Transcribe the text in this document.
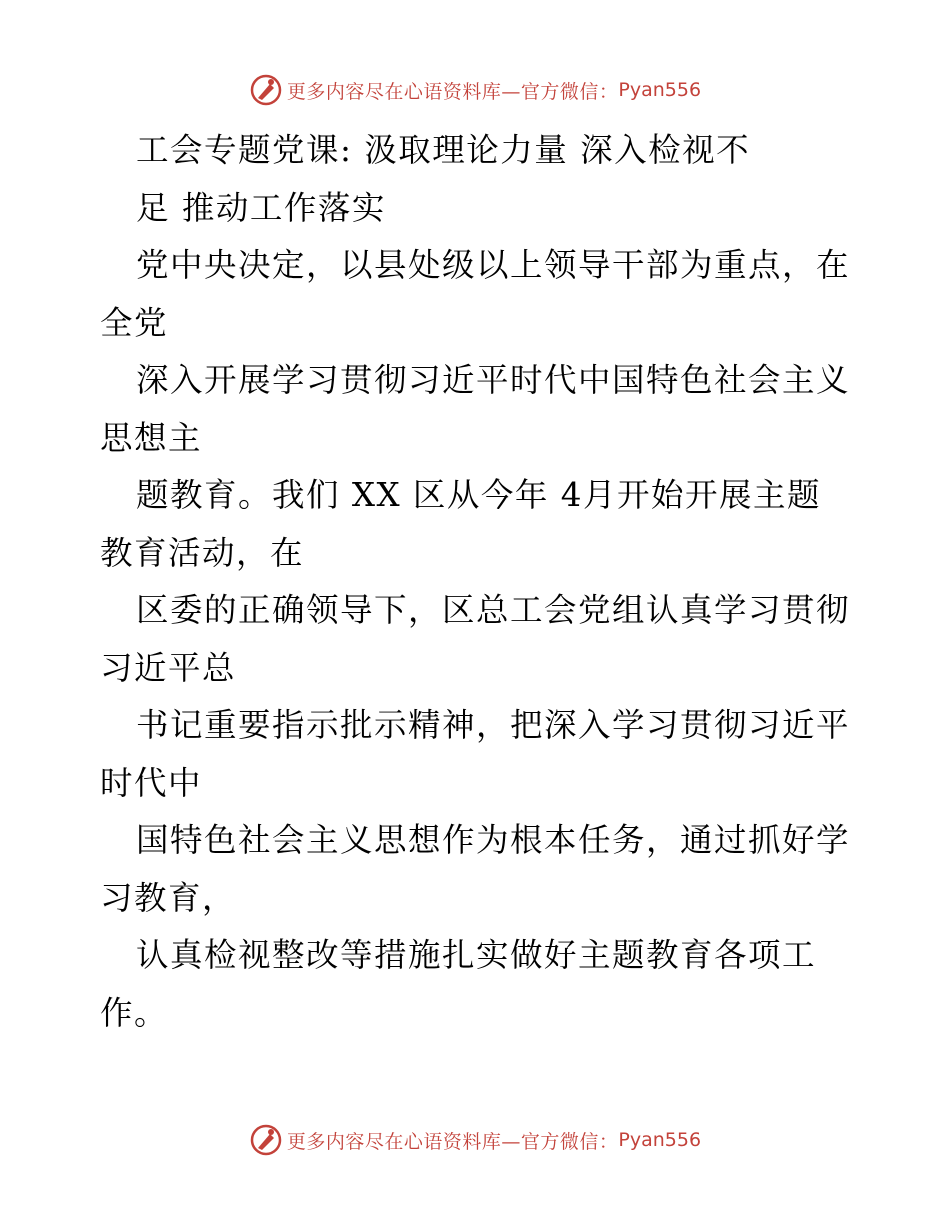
更多内容尽在心语资料库—官方微信： Pyan556
工会专题党课: 汲取理论力量 深入检视不
足 推动工作落实
党中央决定，以县处级以上领导干部为重点，在
全党
深入开展学习贯彻习近平时代中国特色社会主义
思想主
题教育。我们 XX 区从今年 4月开始开展主题
教育活动，在
区委的正确领导下，区总工会党组认真学习贯彻
习近平总
书记重要指示批示精神，把深入学习贯彻习近平
时代中
国特色社会主义思想作为根本任务，通过抓好学
习教育，
认真检视整改等措施扎实做好主题教育各项工
作。
更多内容尽在心语资料库—官方微信： Pyan556
